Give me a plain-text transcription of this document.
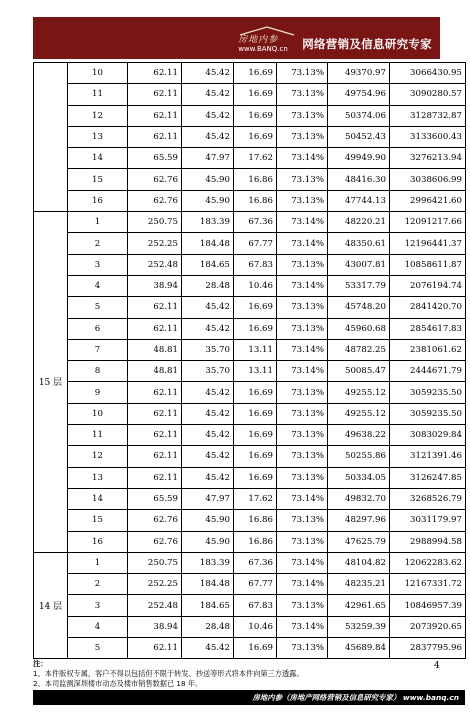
房地内参
www.BANQ.cn 网络营销及信息研究专家
	10	62.11	45.42	16.69	73.13%	49370.97	3066430.95
	11	62.11	45.42	16.69	73.13%	49754.96	3090280.57
	12	62.11	45.42	16.69	73.13%	50374.06	3128732.87
	13	62.11	45.42	16.69	73.13%	50452.43	3133600.43
	14	65.59	47.97	17.62	73.14%	49949.90	3276213.94
	15	62.76	45.90	16.86	73.13%	48416.30	3038606.99
	16	62.76	45.90	16.86	73.13%	47744.13	2996421.60
15 层	1	250.75	183.39	67.36	73.14%	48220.21	12091217.66
	2	252.25	184.48	67.77	73.14%	48350.61	12196441.37
	3	252.48	184.65	67.83	73.13%	43007.81	10858611.87
	4	38.94	28.48	10.46	73.14%	53317.79	2076194.74
	5	62.11	45.42	16.69	73.13%	45748.20	2841420.70
	6	62.11	45.42	16.69	73.13%	45960.68	2854617.83
	7	48.81	35.70	13.11	73.14%	48782.25	2381061.62
	8	48.81	35.70	13.11	73.14%	50085.47	2444671.79
	9	62.11	45.42	16.69	73.13%	49255.12	3059235.50
	10	62.11	45.42	16.69	73.13%	49255.12	3059235.50
	11	62.11	45.42	16.69	73.13%	49638.22	3083029.84
	12	62.11	45.42	16.69	73.13%	50255.86	3121391.46
	13	62.11	45.42	16.69	73.13%	50334.05	3126247.85
	14	65.59	47.97	17.62	73.14%	49832.70	3268526.79
	15	62.76	45.90	16.86	73.13%	48297.96	3031179.97
	16	62.76	45.90	16.86	73.13%	47625.79	2988994.58
14 层	1	250.75	183.39	67.36	73.14%	48104.82	12062283.62
	2	252.25	184.48	67.77	73.14%	48235.21	12167331.72
	3	252.48	184.65	67.83	73.13%	42961.65	10846957.39
	4	38.94	28.48	10.46	73.14%	53259.39	2073920.65
	5	62.11	45.42	16.69	73.13%	45689.84	2837795.96
注：
1、本件版权专属，客户不得以包括但不限于转发、抄送等形式将本件向第三方透露。
2、本司监测深圳楼市动态及楼市销售数据已 18 年。
4
房地内参（房地产网络营销及信息研究专家） www.banq.cn
